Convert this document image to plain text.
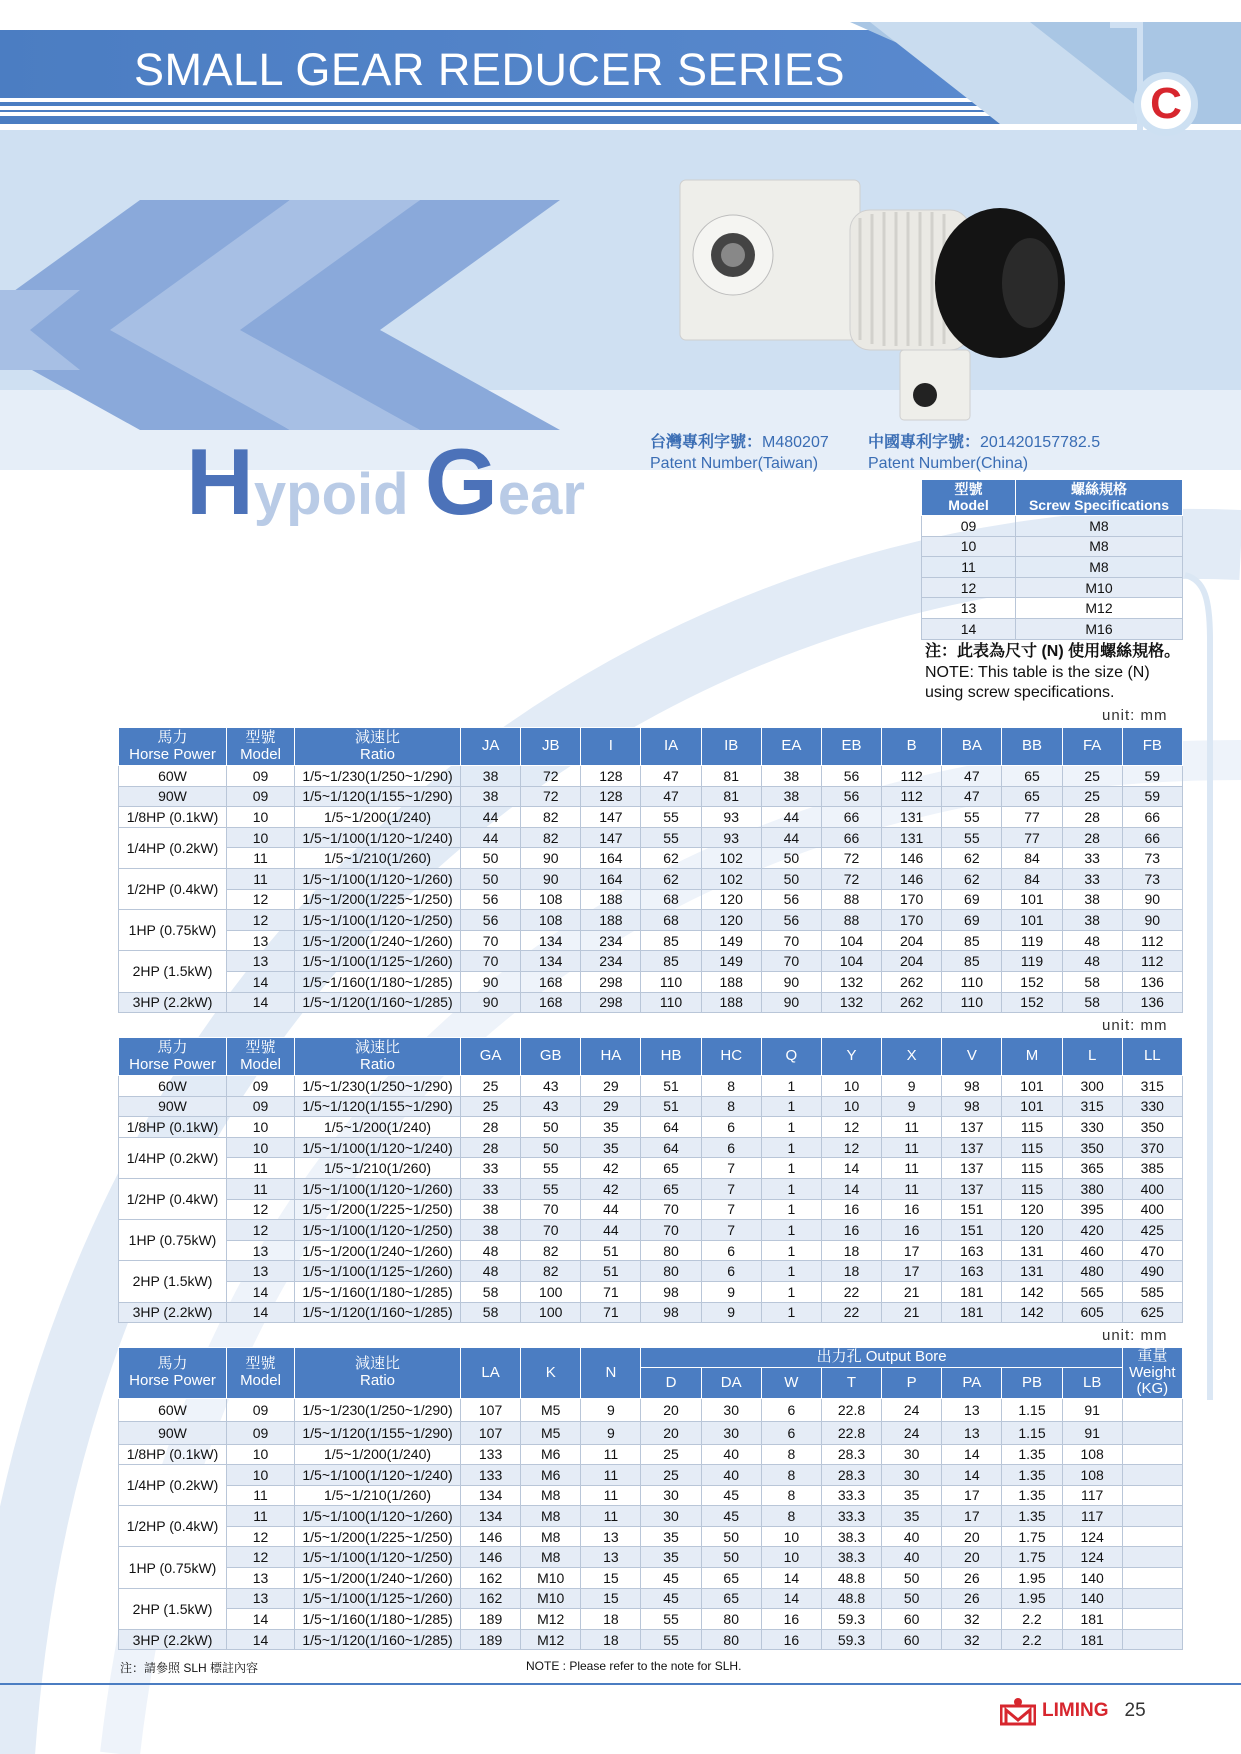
SMALL GEAR REDUCER SERIES
C
Hypoid Gear
台灣專利字號：M480207
Patent Number(Taiwan)
中國專利字號：201420157782.5
Patent Number(China)
型號
Model	螺絲規格
Screw Specifications
09	M8
10	M8
11	M8
12	M10
13	M12
14	M16
注：此表為尺寸 (N) 使用螺絲規格。
NOTE: This table is the size (N) using screw specifications.
unit: mm
馬力
Horse Power	型號
Model	減速比
Ratio	JA	JB	I	IA	IB	EA	EB	B	BA	BB	FA	FB
60W	09	1/5~1/230(1/250~1/290)	38	72	128	47	81	38	56	112	47	65	25	59
90W	09	1/5~1/120(1/155~1/290)	38	72	128	47	81	38	56	112	47	65	25	59
1/8HP (0.1kW)	10	1/5~1/200(1/240)	44	82	147	55	93	44	66	131	55	77	28	66
1/4HP (0.2kW)	10	1/5~1/100(1/120~1/240)	44	82	147	55	93	44	66	131	55	77	28	66
	11	1/5~1/210(1/260)	50	90	164	62	102	50	72	146	62	84	33	73
1/2HP (0.4kW)	11	1/5~1/100(1/120~1/260)	50	90	164	62	102	50	72	146	62	84	33	73
	12	1/5~1/200(1/225~1/250)	56	108	188	68	120	56	88	170	69	101	38	90
1HP (0.75kW)	12	1/5~1/100(1/120~1/250)	56	108	188	68	120	56	88	170	69	101	38	90
	13	1/5~1/200(1/240~1/260)	70	134	234	85	149	70	104	204	85	119	48	112
2HP (1.5kW)	13	1/5~1/100(1/125~1/260)	70	134	234	85	149	70	104	204	85	119	48	112
	14	1/5~1/160(1/180~1/285)	90	168	298	110	188	90	132	262	110	152	58	136
3HP (2.2kW)	14	1/5~1/120(1/160~1/285)	90	168	298	110	188	90	132	262	110	152	58	136
unit: mm
馬力
Horse Power	型號
Model	減速比
Ratio	GA	GB	HA	HB	HC	Q	Y	X	V	M	L	LL
60W	09	1/5~1/230(1/250~1/290)	25	43	29	51	8	1	10	9	98	101	300	315
90W	09	1/5~1/120(1/155~1/290)	25	43	29	51	8	1	10	9	98	101	315	330
1/8HP (0.1kW)	10	1/5~1/200(1/240)	28	50	35	64	6	1	12	11	137	115	330	350
1/4HP (0.2kW)	10	1/5~1/100(1/120~1/240)	28	50	35	64	6	1	12	11	137	115	350	370
	11	1/5~1/210(1/260)	33	55	42	65	7	1	14	11	137	115	365	385
1/2HP (0.4kW)	11	1/5~1/100(1/120~1/260)	33	55	42	65	7	1	14	11	137	115	380	400
	12	1/5~1/200(1/225~1/250)	38	70	44	70	7	1	16	16	151	120	395	400
1HP (0.75kW)	12	1/5~1/100(1/120~1/250)	38	70	44	70	7	1	16	16	151	120	420	425
	13	1/5~1/200(1/240~1/260)	48	82	51	80	6	1	18	17	163	131	460	470
2HP (1.5kW)	13	1/5~1/100(1/125~1/260)	48	82	51	80	6	1	18	17	163	131	480	490
	14	1/5~1/160(1/180~1/285)	58	100	71	98	9	1	22	21	181	142	565	585
3HP (2.2kW)	14	1/5~1/120(1/160~1/285)	58	100	71	98	9	1	22	21	181	142	605	625
unit: mm
馬力
Horse Power	型號
Model	減速比
Ratio	LA	K	N	出力孔 Output Bore								重量
Weight (KG)
						D	DA	W	T	P	PA	PB	LB	
60W	09	1/5~1/230(1/250~1/290)	107	M5	9	20	30	6	22.8	24	13	1.15	91	
90W	09	1/5~1/120(1/155~1/290)	107	M5	9	20	30	6	22.8	24	13	1.15	91	
1/8HP (0.1kW)	10	1/5~1/200(1/240)	133	M6	11	25	40	8	28.3	30	14	1.35	108	
1/4HP (0.2kW)	10	1/5~1/100(1/120~1/240)	133	M6	11	25	40	8	28.3	30	14	1.35	108	
	11	1/5~1/210(1/260)	134	M8	11	30	45	8	33.3	35	17	1.35	117	
1/2HP (0.4kW)	11	1/5~1/100(1/120~1/260)	134	M8	11	30	45	8	33.3	35	17	1.35	117	
	12	1/5~1/200(1/225~1/250)	146	M8	13	35	50	10	38.3	40	20	1.75	124	
1HP (0.75kW)	12	1/5~1/100(1/120~1/250)	146	M8	13	35	50	10	38.3	40	20	1.75	124	
	13	1/5~1/200(1/240~1/260)	162	M10	15	45	65	14	48.8	50	26	1.95	140	
2HP (1.5kW)	13	1/5~1/100(1/125~1/260)	162	M10	15	45	65	14	48.8	50	26	1.95	140	
	14	1/5~1/160(1/180~1/285)	189	M12	18	55	80	16	59.3	60	32	2.2	181	
3HP (2.2kW)	14	1/5~1/120(1/160~1/285)	189	M12	18	55	80	16	59.3	60	32	2.2	181	
注：請參照 SLH 標註內容	NOTE : Please refer to the note for SLH.
LIMING 25
